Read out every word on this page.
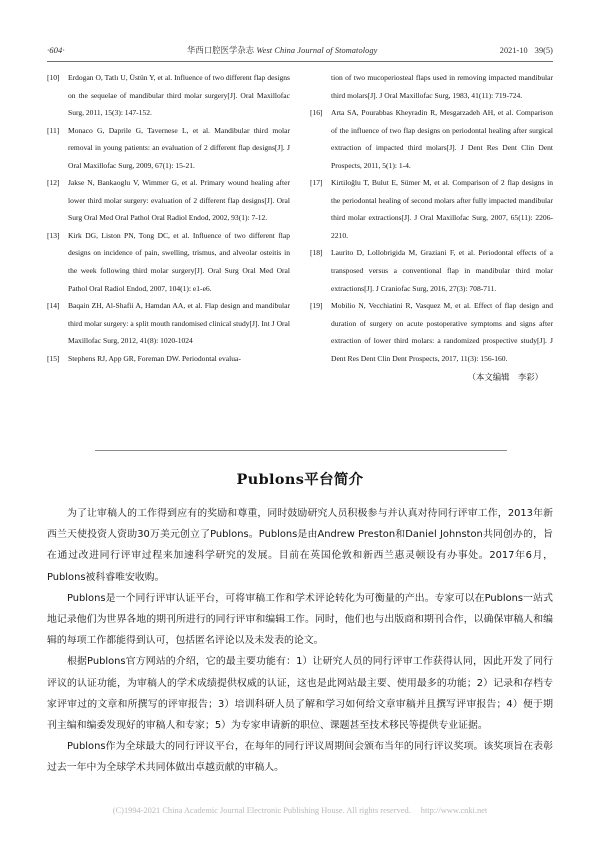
·604·	华西口腔医学杂志 West China Journal of Stomatology	2021-10 39(5)

[10]	Erdogan O, Tatlı U, Üstün Y, et al. Influence of two different flap designs on the sequelae of mandibular third molar surgery[J]. Oral Maxillofac Surg, 2011, 15(3): 147-152.

[11]	Monaco G, Daprile G, Tavernese L, et al. Mandibular third molar removal in young patients: an evaluation of 2 different flap designs[J]. J Oral Maxillofac Surg, 2009, 67(1): 15-21.

[12]	Jakse N, Bankaoglu V, Wimmer G, et al. Primary wound healing after lower third molar surgery: evaluation of 2 different flap designs[J]. Oral Surg Oral Med Oral Pathol Oral Radiol Endod, 2002, 93(1): 7-12.

[13]	Kirk DG, Liston PN, Tong DC, et al. Influence of two different flap designs on incidence of pain, swelling, trismus, and alveolar osteitis in the week following third molar surgery[J]. Oral Surg Oral Med Oral Pathol Oral Radiol Endod, 2007, 104(1): e1-e6.

[14]	Baqain ZH, Al-Shafii A, Hamdan AA, et al. Flap design and mandibular third molar surgery: a split mouth randomised clinical study[J]. Int J Oral Maxillofac Surg, 2012, 41(8): 1020-1024

[15]	Stephens RJ, App GR, Foreman DW. Periodontal evalua-

tion of two mucoperiosteal flaps used in removing impacted mandibular third molars[J]. J Oral Maxillofac Surg, 1983, 41(11): 719-724.

[16]	Arta SA, Pourabbas Kheyradin R, Mesgarzadeh AH, et al. Comparison of the influence of two flap designs on periodontal healing after surgical extraction of impacted third molars[J]. J Dent Res Dent Clin Dent Prospects, 2011, 5(1): 1-4.

[17]	Kirtiloğlu T, Bulut E, Sümer M, et al. Comparison of 2 flap designs in the periodontal healing of second molars after fully impacted mandibular third molar extractions[J]. J Oral Maxillofac Surg, 2007, 65(11): 2206-2210.

[18]	Laurito D, Lollobrigida M, Graziani F, et al. Periodontal effects of a transposed versus a conventional flap in mandibular third molar extractions[J]. J Craniofac Surg, 2016, 27(3): 708-711.

[19]	Mobilio N, Vecchiatini R, Vasquez M, et al. Effect of flap design and duration of surgery on acute postoperative symptoms and signs after extraction of lower third molars: a randomized prospective study[J]. J Dent Res Dent Clin Dent Prospects, 2017, 11(3): 156-160.

（本文编辑　李彩）
Publons平台简介

为了让审稿人的工作得到应有的奖励和尊重，同时鼓励研究人员积极参与并认真对待同行评审工作，2013年新西兰天使投资人资助30万美元创立了Publons。Publons是由Andrew Preston和Daniel Johnston共同创办的，旨在通过改进同行评审过程来加速科学研究的发展。目前在英国伦敦和新西兰惠灵顿设有办事处。2017年6月，Publons被科睿唯安收购。

Publons是一个同行评审认证平台，可将审稿工作和学术评论转化为可衡量的产出。专家可以在Publons一站式地记录他们为世界各地的期刊所进行的同行评审和编辑工作。同时，他们也与出版商和期刊合作，以确保审稿人和编辑的每项工作都能得到认可，包括匿名评论以及未发表的论文。

根据Publons官方网站的介绍，它的最主要功能有：1）让研究人员的同行评审工作获得认同，因此开发了同行评议的认证功能，为审稿人的学术成绩提供权威的认证，这也是此网站最主要、使用最多的功能；2）记录和存档专家评审过的文章和所撰写的评审报告；3）培训科研人员了解和学习如何给文章审稿并且撰写评审报告；4）便于期刊主编和编委发现好的审稿人和专家；5）为专家申请新的职位、课题甚至技术移民等提供专业证据。

Publons作为全球最大的同行评议平台，在每年的同行评议周期间会颁布当年的同行评议奖项。该奖项旨在表彰过去一年中为全球学术共同体做出卓越贡献的审稿人。

(C)1994-2021 China Academic Journal Electronic Publishing House. All rights reserved. http://www.cnki.net
